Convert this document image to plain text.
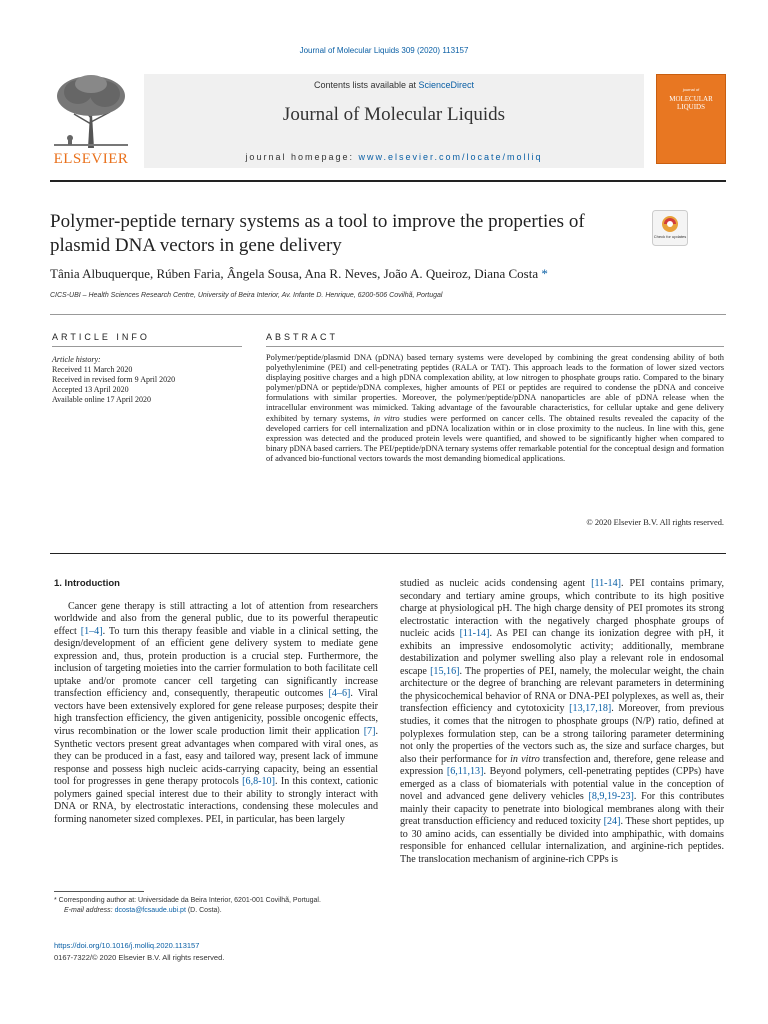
Journal of Molecular Liquids 309 (2020) 113157
ELSEVIER
Contents lists available at ScienceDirect
Journal of Molecular Liquids
journal homepage: www.elsevier.com/locate/molliq
journal of
MOLECULAR LIQUIDS
Polymer-peptide ternary systems as a tool to improve the properties of plasmid DNA vectors in gene delivery	Check for updates
Tânia Albuquerque, Rúben Faria, Ângela Sousa, Ana R. Neves, João A. Queiroz, Diana Costa *
CICS-UBI – Health Sciences Research Centre, University of Beira Interior, Av. Infante D. Henrique, 6200-506 Covilhã, Portugal
ARTICLE INFO
Article history:
Received 11 March 2020
Received in revised form 9 April 2020
Accepted 13 April 2020
Available online 17 April 2020
ABSTRACT
Polymer/peptide/plasmid DNA (pDNA) based ternary systems were developed by combining the great condensing ability of both polyethylenimine (PEI) and cell-penetrating peptides (RALA or TAT). This approach leads to the formation of lower sized vectors displaying positive charges and a high pDNA complexation ability, at low nitrogen to phosphate groups ratio. Compared to the binary polymer/pDNA or peptide/pDNA complexes, higher amounts of PEI or peptides are required to condense the pDNA and conceive formulations with similar properties. Moreover, the polymer/peptide/pDNA nanoparticles are able of pDNA release when the intracellular environment was mimicked. Taking advantage of the favourable characteristics, for cellular uptake and gene delivery exhibited by ternary systems, in vitro studies were performed on cancer cells. The obtained results revealed the capacity of the developed carriers for cell internalization and pDNA localization within or in close proximity to the nucleus. In line with this, gene expression was detected and the produced protein levels were quantified, and showed to be significantly higher when compared to binary pDNA based carriers. The PEI/peptide/pDNA ternary systems offer remarkable potential for the conceptual design and formation of advanced bio-functional vectors towards the most demanding biomedical applications.
© 2020 Elsevier B.V. All rights reserved.
1. Introduction
Cancer gene therapy is still attracting a lot of attention from researchers worldwide and also from the general public, due to its powerful therapeutic effect [1–4]. To turn this therapy feasible and viable in a clinical setting, the design/development of an efficient gene delivery system to mediate gene expression and, thus, protein production is a crucial step. Furthermore, the inclusion of targeting moieties into the carrier formulation to both facilitate cell uptake and/or promote cancer cell targeting can significantly increase transfection efficiency and, consequently, therapeutic outcomes [4–6]. Viral vectors have been extensively explored for gene release purposes; despite their high transfection efficiency, the given antigenicity, possible oncogenic effects, virus recombination or the lower scale production limit their application [7]. Synthetic vectors present great advantages when compared with viral ones, as they can be produced in a fast, easy and tailored way, present lack of immune response and possess high nucleic acids-carrying capacity, being an essential tool for progresses in gene therapy protocols [6,8-10]. In this context, cationic polymers gained special interest due to their ability to strongly interact with DNA or RNA, by electrostatic interactions, condensing these molecules and forming nanometer sized complexes. PEI, in particular, has been largely
studied as nucleic acids condensing agent [11-14]. PEI contains primary, secondary and tertiary amine groups, which contribute to its high positive charge at physiological pH. The high charge density of PEI promotes its strong electrostatic interaction with the negatively charged phosphate groups of nucleic acids [11-14]. As PEI can change its ionization degree with pH, it exhibits an impressive endosomolytic activity; additionally, membrane destabilization and polymer swelling also play a relevant role in endosomal escape [15,16]. The properties of PEI, namely, the molecular weight, the chain architecture or the degree of branching are relevant parameters in determining the physicochemical behavior of RNA or DNA-PEI polyplexes, as well as, their transfection efficiency and cytotoxicity [13,17,18]. Moreover, from previous studies, it comes that the nitrogen to phosphate groups (N/P) ratio, defined at polyplexes formulation step, can be a strong tailoring parameter determining not only the properties of the vectors such as, the size and surface charges, but also their performance for in vitro transfection and, therefore, gene release and expression [6,11,13]. Beyond polymers, cell-penetrating peptides (CPPs) have emerged as a class of biomaterials with potential value in the conception of novel and advanced gene delivery vehicles [8,9,19-23]. For this contributes mainly their capacity to penetrate into biological membranes along with their great transduction efficiency and reduced toxicity [24]. These short peptides, up to 30 amino acids, can essentially be divided into amphipathic, with domains responsible for enhanced cellular internalization, and arginine-rich peptides. The translocation mechanism of arginine-rich CPPs is
* Corresponding author at: Universidade da Beira Interior, 6201-001 Covilhã, Portugal.
E-mail address: dcosta@fcsaude.ubi.pt (D. Costa).
https://doi.org/10.1016/j.molliq.2020.113157
0167-7322/© 2020 Elsevier B.V. All rights reserved.
